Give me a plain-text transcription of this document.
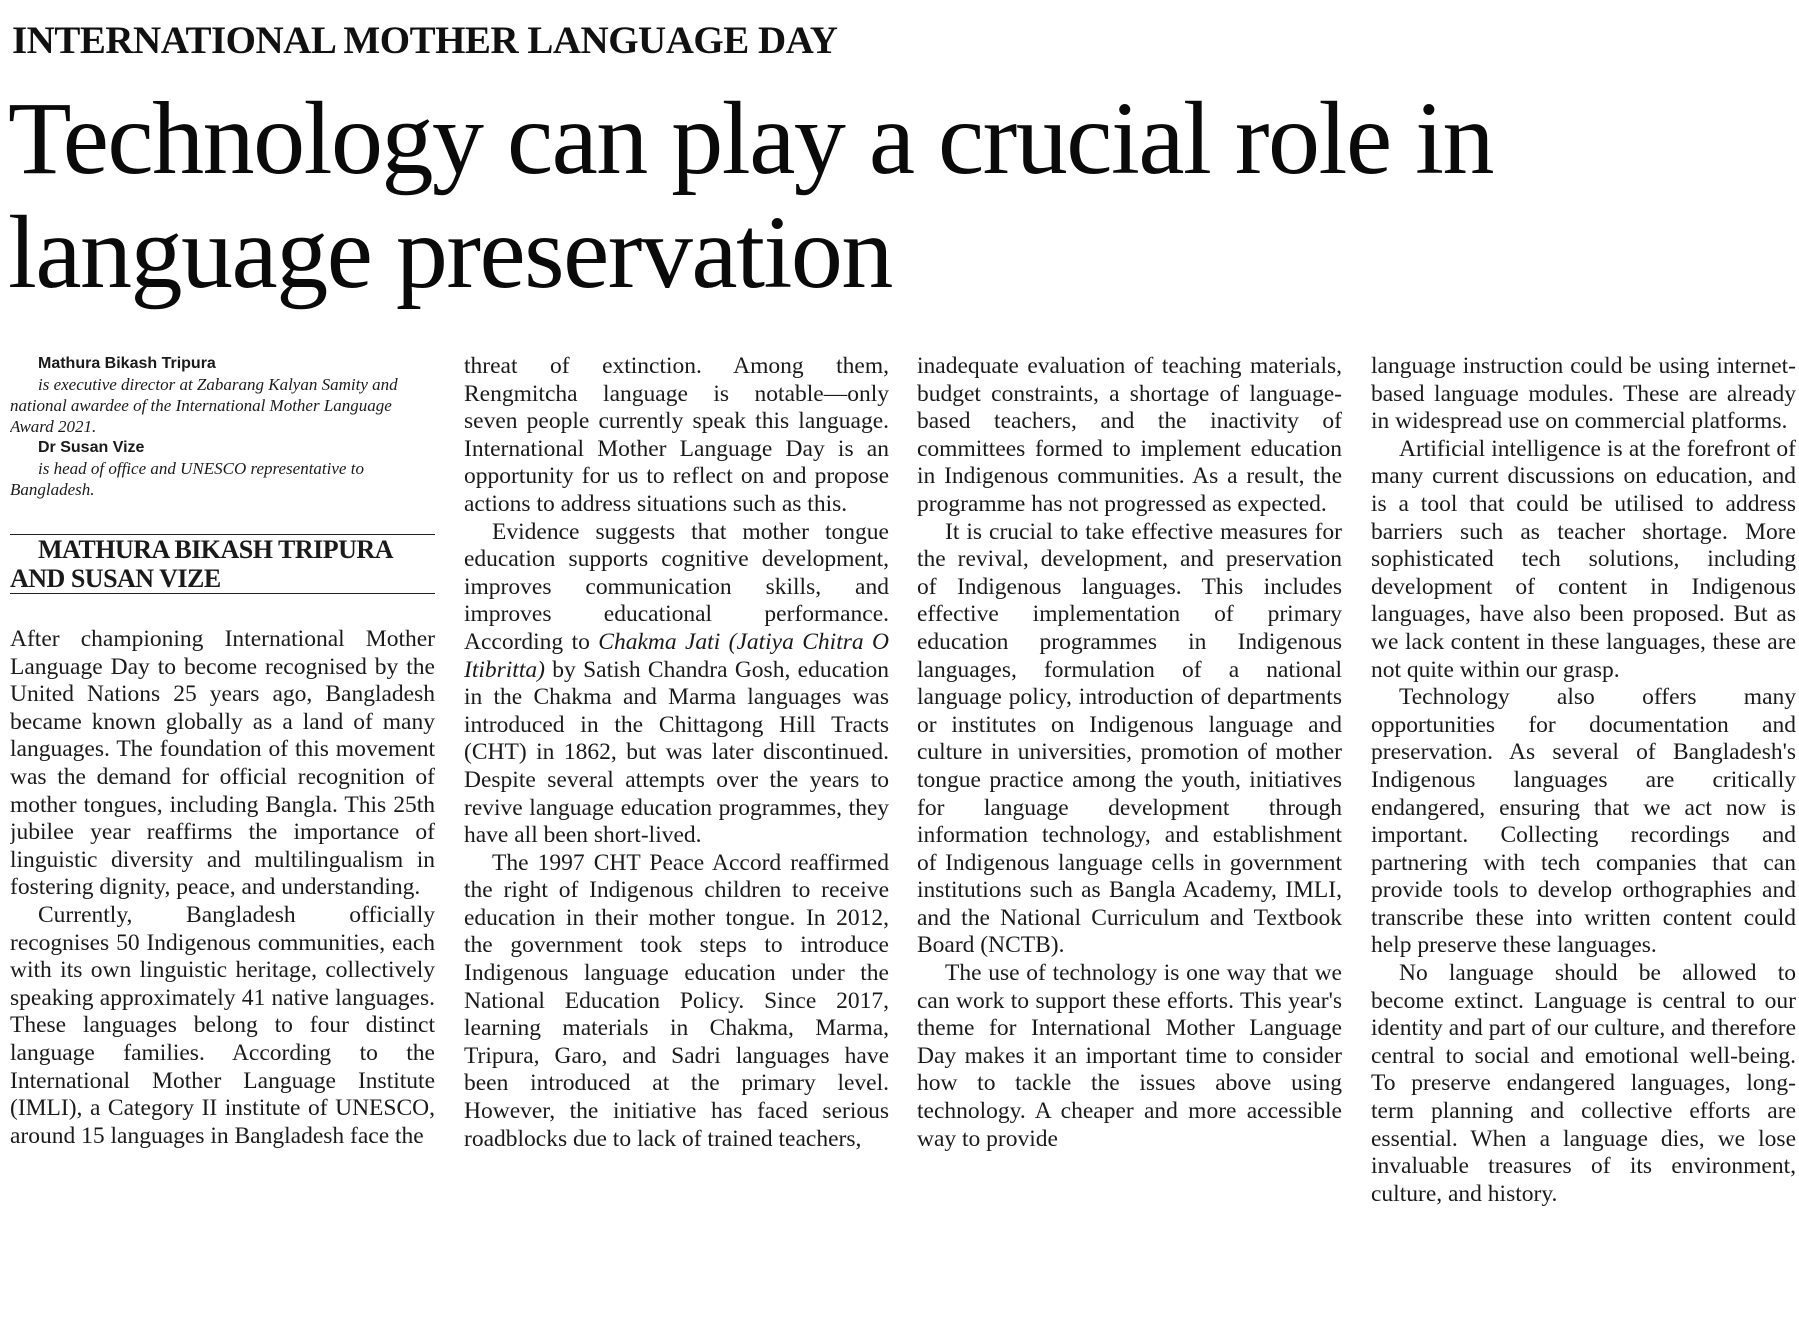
INTERNATIONAL MOTHER LANGUAGE DAY
Technology can play a crucial role in language preservation

Mathura Bikash Tripura

is executive director at Zabarang Kalyan Samity and national awardee of the International Mother Language Award 2021.

Dr Susan Vize

is head of office and UNESCO representative to Bangladesh.

MATHURA BIKASH TRIPURA AND SUSAN VIZE

After championing International Mother Language Day to become recognised by the United Nations 25 years ago, Bangladesh became known globally as a land of many languages. The foundation of this movement was the demand for official recognition of mother tongues, including Bangla. This 25th jubilee year reaffirms the importance of linguistic diversity and multilingualism in fostering dignity, peace, and understanding.

Currently, Bangladesh officially recognises 50 Indigenous communities, each with its own linguistic heritage, collectively speaking approximately 41 native languages. These languages belong to four distinct language families. According to the International Mother Language Institute (IMLI), a Category II institute of UNESCO, around 15 languages in Bangladesh face the

threat of extinction. Among them, Rengmitcha language is notable—only seven people currently speak this language. International Mother Language Day is an opportunity for us to reflect on and propose actions to address situations such as this.

Evidence suggests that mother tongue education supports cognitive development, improves communication skills, and improves educational performance. According to Chakma Jati (Jatiya Chitra O Itibritta) by Satish Chandra Gosh, education in the Chakma and Marma languages was introduced in the Chittagong Hill Tracts (CHT) in 1862, but was later discontinued. Despite several attempts over the years to revive language education programmes, they have all been short-lived.

The 1997 CHT Peace Accord reaffirmed the right of Indigenous children to receive education in their mother tongue. In 2012, the government took steps to introduce Indigenous language education under the National Education Policy. Since 2017, learning materials in Chakma, Marma, Tripura, Garo, and Sadri languages have been introduced at the primary level. However, the initiative has faced serious roadblocks due to lack of trained teachers,

inadequate evaluation of teaching materials, budget constraints, a shortage of language-based teachers, and the inactivity of committees formed to implement education in Indigenous communities. As a result, the programme has not progressed as expected.

It is crucial to take effective measures for the revival, development, and preservation of Indigenous languages. This includes effective implementation of primary education programmes in Indigenous languages, formulation of a national language policy, introduction of departments or institutes on Indigenous language and culture in universities, promotion of mother tongue practice among the youth, initiatives for language development through information technology, and establishment of Indigenous language cells in government institutions such as Bangla Academy, IMLI, and the National Curriculum and Textbook Board (NCTB).

The use of technology is one way that we can work to support these efforts. This year's theme for International Mother Language Day makes it an important time to consider how to tackle the issues above using technology. A cheaper and more accessible way to provide

language instruction could be using internet-based language modules. These are already in widespread use on commercial platforms.

Artificial intelligence is at the forefront of many current discussions on education, and is a tool that could be utilised to address barriers such as teacher shortage. More sophisticated tech solutions, including development of content in Indigenous languages, have also been proposed. But as we lack content in these languages, these are not quite within our grasp.

Technology also offers many opportunities for documentation and preservation. As several of Bangladesh's Indigenous languages are critically endangered, ensuring that we act now is important. Collecting recordings and partnering with tech companies that can provide tools to develop orthographies and transcribe these into written content could help preserve these languages.

No language should be allowed to become extinct. Language is central to our identity and part of our culture, and therefore central to social and emotional well-being. To preserve endangered languages, long-term planning and collective efforts are essential. When a language dies, we lose invaluable treasures of its environment, culture, and history.
